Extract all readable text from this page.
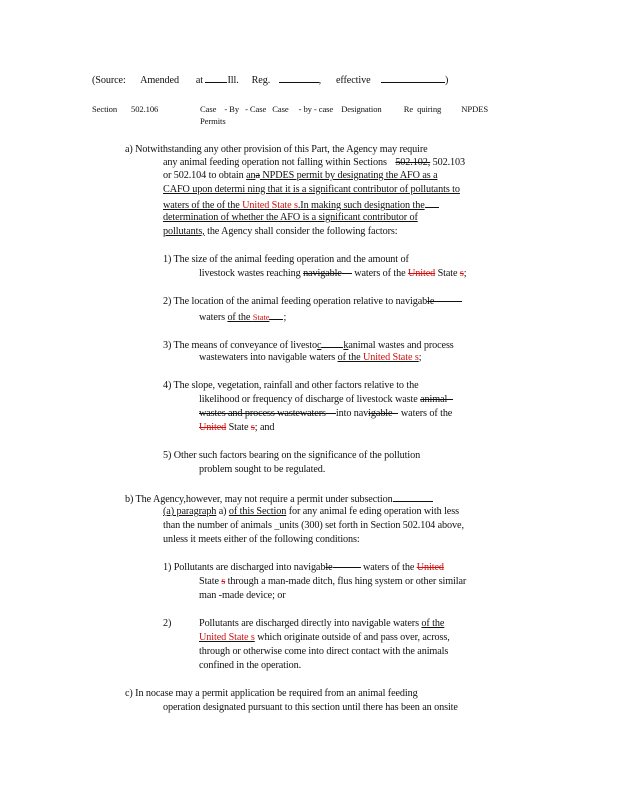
(Source: Amended at Ill. Reg.	, effective	)
Section 502.106	Case - By - Case Case - by - case Designation	Re quiring NPDES
Permits
a) Notwithstanding any other provision of this Part, the Agency may require
any animal feeding operation not falling within Sections 502.102, 502.103
or 502.104 to obtain ana NPDES permit by designating the AFO as a
CAFO upon determi ning that it is a significant contributor of pollutants to
waters of the of the United State s.In making such designation the
determination of whether the AFO is a significant contributor of
pollutants, the Agency shall consider the following factors:
1) The size of the animal feeding operation and the amount of
livestock wastes reaching navigable waters of the United State s;
2) The location of the animal feeding operation relative to navigable
waters of the State ;
3) The means of conveyance of livestoc kanimal wastes and process
wastewaters into navigable waters of the United State s;
4) The slope, vegetation, rainfall and other factors relative to the
likelihood or frequency of discharge of livestock waste animal
wastes and process wastewaters into navigable waters of the
United State s; and
5) Other such factors bearing on the significance of the pollution
problem sought to be regulated.
b) The Agency,however, may not require a permit under subsection
(a) paragraph a) of this Section for any animal fe eding operation with less
than the number of animals _units (300) set forth in Section 502.104 above,
unless it meets either of the following conditions:
1) Pollutants are discharged into navigable	waters of the United
State s through a man-made ditch, flus hing system or other similar
man -made device; or
2)	Pollutants are discharged directly into navigable waters of the
United State s which originate outside of and pass over, across,
through or otherwise come into direct contact with the animals
confined in the operation.
c) In nocase may a permit application be required from an animal feeding
operation designated pursuant to this section until there has been an onsite
